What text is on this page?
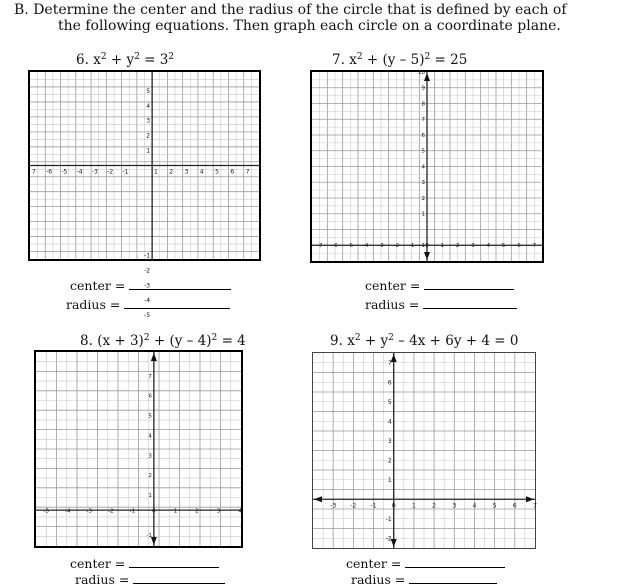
B. Determine the center and the radius of the circle that is defined by each of
the following equations. Then graph each circle on a coordinate plane.
6. $x^2 + y^2 = 3^2$
7 -6 -5 -4 -3 -2 -1	1 2 3 4 5 6 7
5
4
3
2
1
-1
-2
-3
-4
-5
center =
radius =
7. $x^2 + (y - 5)^2 = 25$
-7 -6 -5 -4 -3 -2 -1 0 1 2 3 4 5 6 7
10
9
8
7
6
5
4
3
2
1
-1
center =
radius =
8. $(x + 3)^2 + (y - 4)^2 = 4$
-5	-4	-3	-2	-1	0	1	2	3	4
7
6
5
4
3
2
1
-1
center =
radius =
9. $x^2 + y^2 - 4x + 6y + 4 = 0$
-3 -2 -1	0	1	2	3	4	5	6	7
7
6
5
4
3
2
1
-1
-2
center =
radius =
